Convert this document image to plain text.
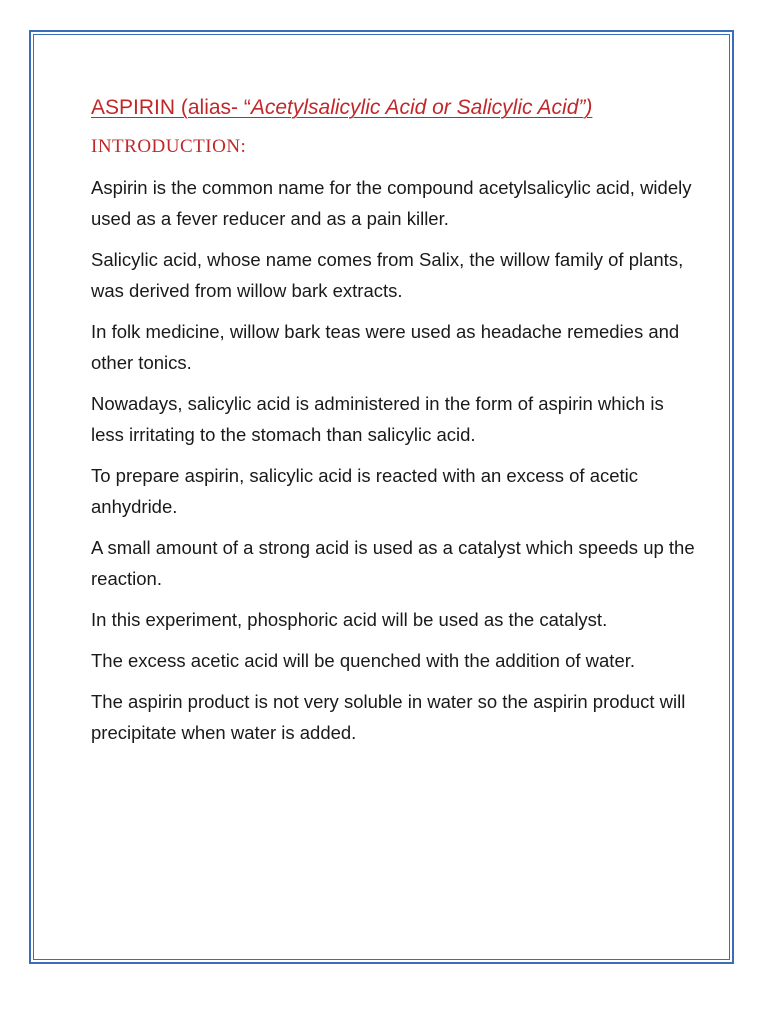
ASPIRIN (alias- “Acetylsalicylic Acid or Salicylic Acid”)
INTRODUCTION:

Aspirin is the common name for the compound acetylsalicylic acid, widely used as a fever reducer and as a pain killer.

Salicylic acid, whose name comes from Salix, the willow family of plants, was derived from willow bark extracts.

In folk medicine, willow bark teas were used as headache remedies and other tonics.

Nowadays, salicylic acid is administered in the form of aspirin which is less irritating to the stomach than salicylic acid.

To prepare aspirin, salicylic acid is reacted with an excess of acetic anhydride.

A small amount of a strong acid is used as a catalyst which speeds up the reaction.

In this experiment, phosphoric acid will be used as the catalyst.

The excess acetic acid will be quenched with the addition of water.

The aspirin product is not very soluble in water so the aspirin product will precipitate when water is added.
